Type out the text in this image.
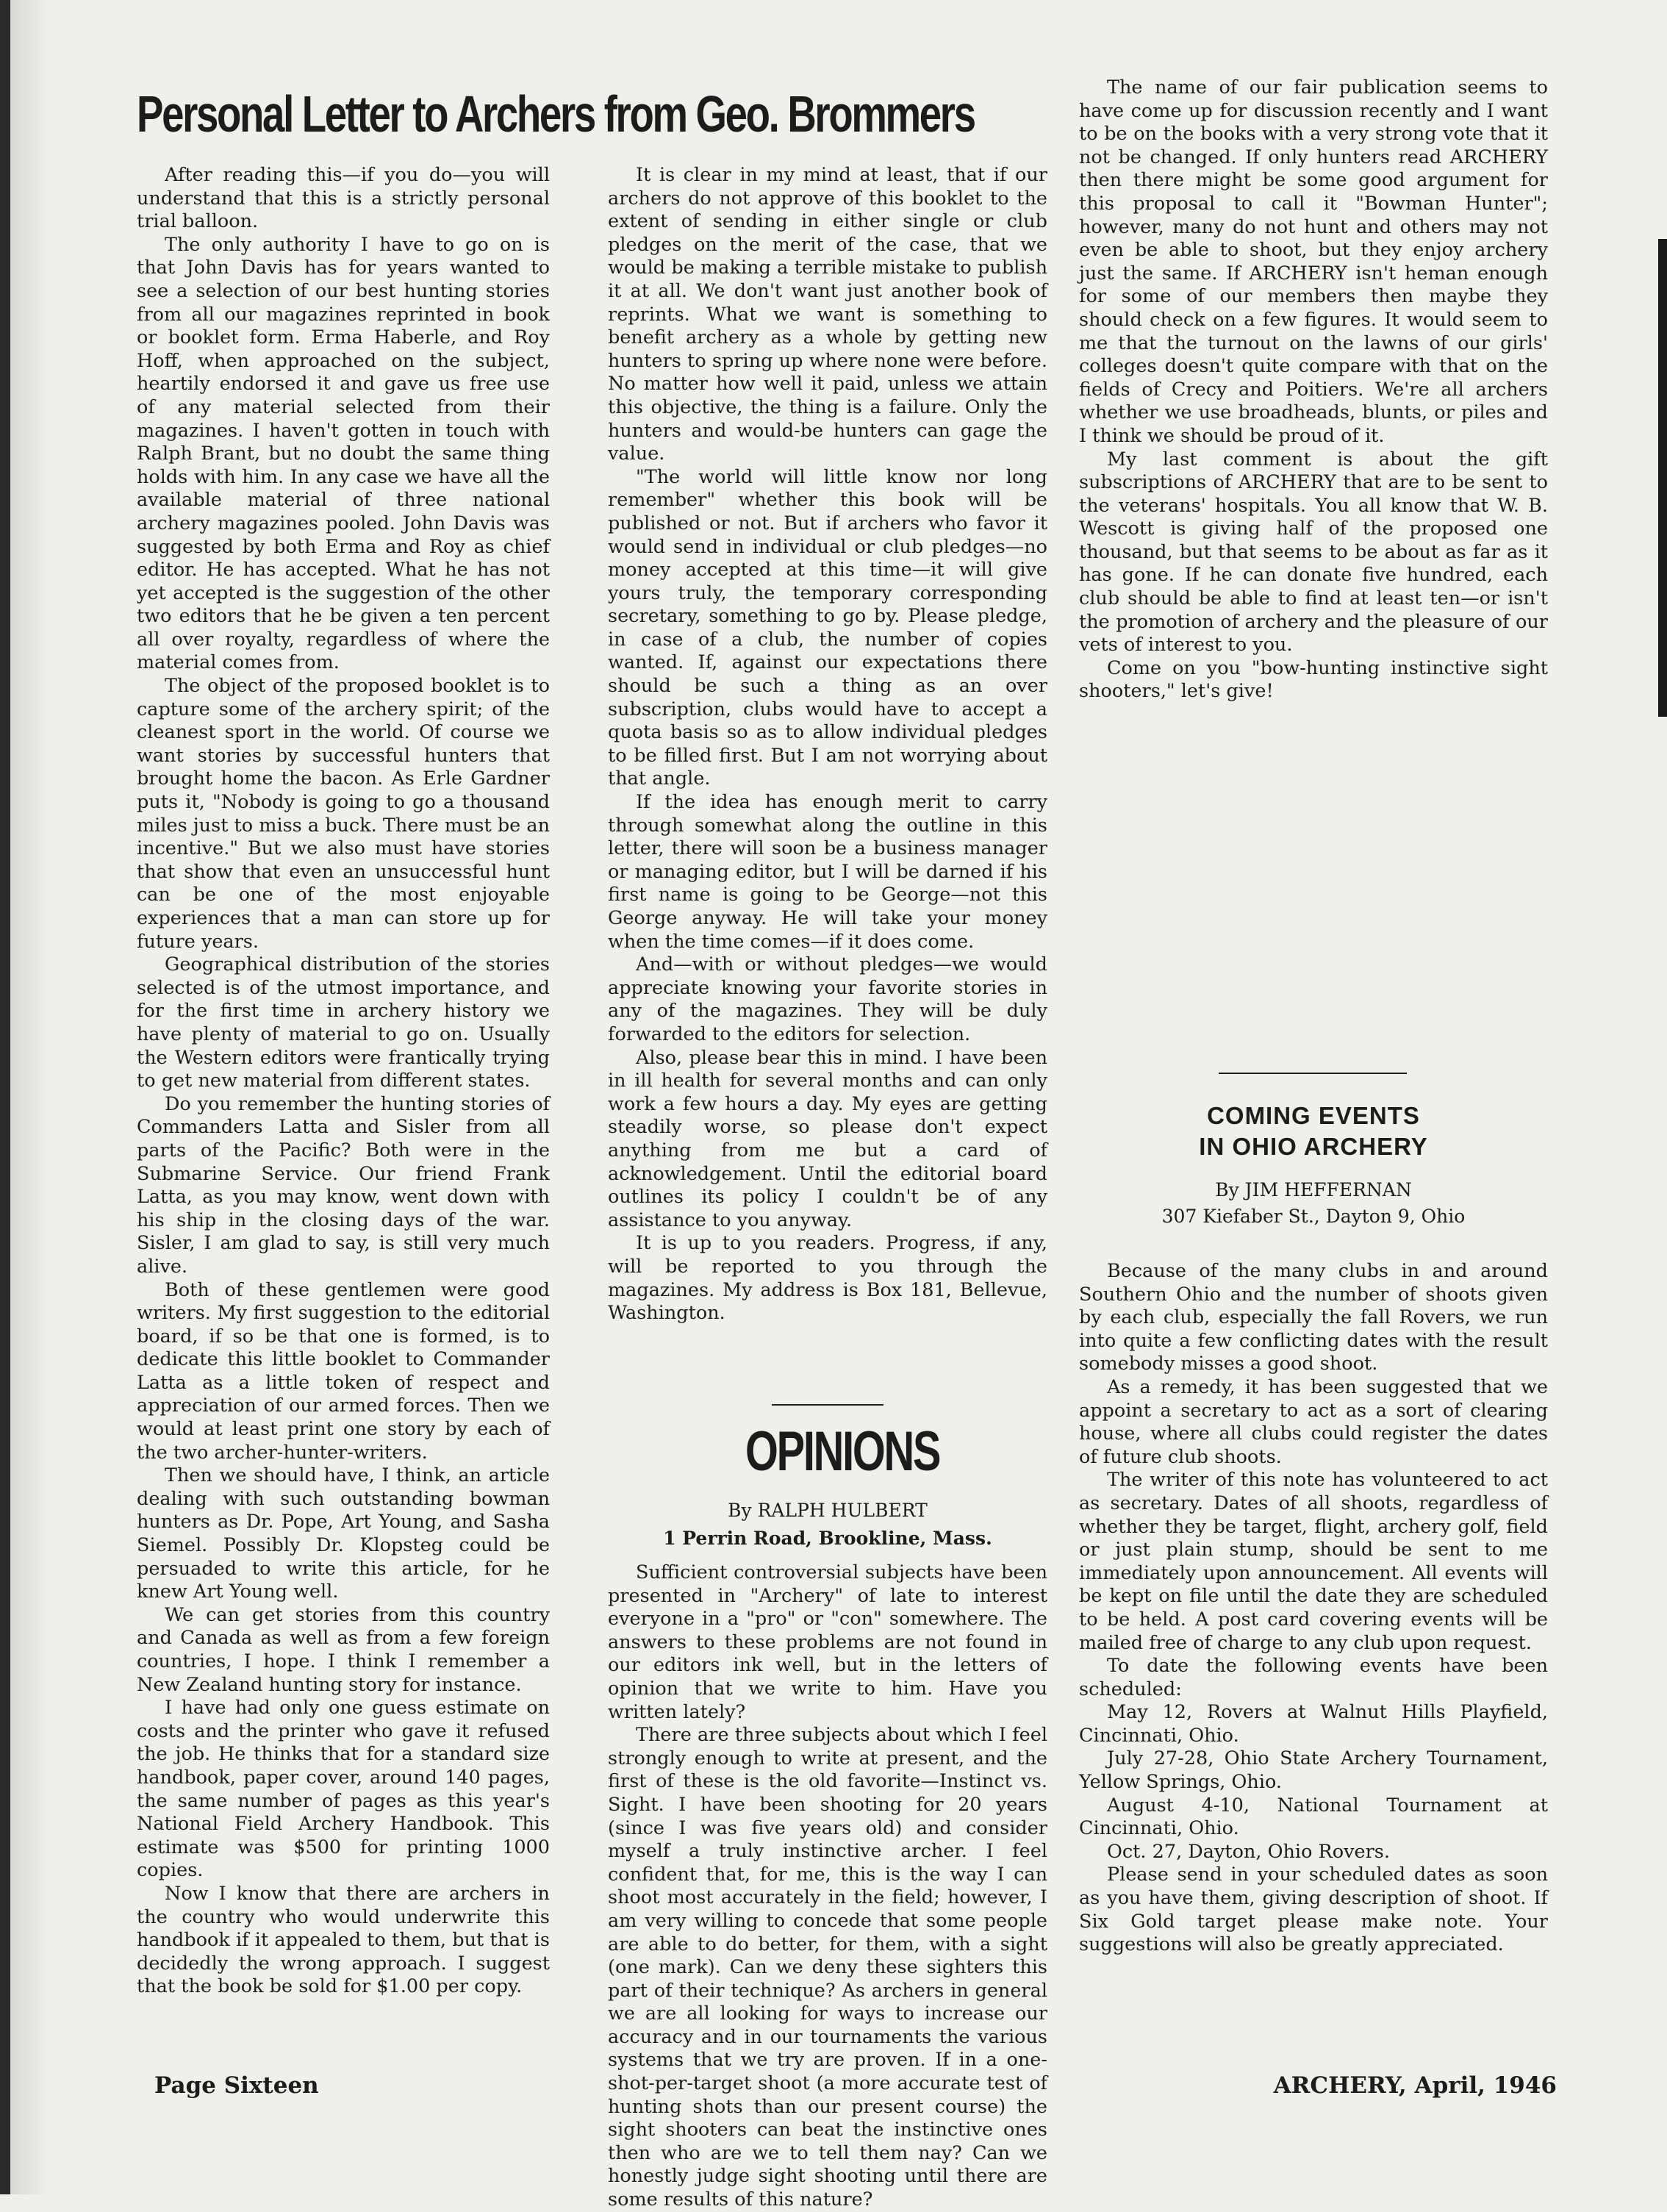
Personal Letter to Archers from Geo. Brommers

After reading this—if you do—you will understand that this is a strictly personal trial balloon.

The only authority I have to go on is that John Davis has for years wanted to see a selection of our best hunting stories from all our magazines reprinted in book or booklet form. Erma Haberle, and Roy Hoff, when approached on the subject, heartily endorsed it and gave us free use of any material selected from their magazines. I haven't gotten in touch with Ralph Brant, but no doubt the same thing holds with him. In any case we have all the available material of three national archery magazines pooled. John Davis was suggested by both Erma and Roy as chief editor. He has accepted. What he has not yet accepted is the suggestion of the other two editors that he be given a ten percent all over royalty, regardless of where the material comes from.

The object of the proposed booklet is to capture some of the archery spirit; of the cleanest sport in the world. Of course we want stories by successful hunters that brought home the bacon. As Erle Gardner puts it, "Nobody is going to go a thousand miles just to miss a buck. There must be an incentive." But we also must have stories that show that even an unsuccessful hunt can be one of the most enjoyable experiences that a man can store up for future years.

Geographical distribution of the stories selected is of the utmost importance, and for the first time in archery history we have plenty of material to go on. Usually the Western editors were frantically trying to get new material from different states.

Do you remember the hunting stories of Commanders Latta and Sisler from all parts of the Pacific? Both were in the Submarine Service. Our friend Frank Latta, as you may know, went down with his ship in the closing days of the war. Sisler, I am glad to say, is still very much alive.

Both of these gentlemen were good writers. My first suggestion to the editorial board, if so be that one is formed, is to dedicate this little booklet to Commander Latta as a little token of respect and appreciation of our armed forces. Then we would at least print one story by each of the two archer-hunter-writers.

Then we should have, I think, an article dealing with such outstanding bowman hunters as Dr. Pope, Art Young, and Sasha Siemel. Possibly Dr. Klopsteg could be persuaded to write this article, for he knew Art Young well.

We can get stories from this country and Canada as well as from a few foreign countries, I hope. I think I remember a New Zealand hunting story for instance.

I have had only one guess estimate on costs and the printer who gave it refused the job. He thinks that for a standard size handbook, paper cover, around 140 pages, the same number of pages as this year's National Field Archery Handbook. This estimate was $500 for printing 1000 copies.

Now I know that there are archers in the country who would underwrite this handbook if it appealed to them, but that is decidedly the wrong approach. I suggest that the book be sold for $1.00 per copy.

It is clear in my mind at least, that if our archers do not approve of this booklet to the extent of sending in either single or club pledges on the merit of the case, that we would be making a terrible mistake to publish it at all. We don't want just another book of reprints. What we want is something to benefit archery as a whole by getting new hunters to spring up where none were before. No matter how well it paid, unless we attain this objective, the thing is a failure. Only the hunters and would-be hunters can gage the value.

"The world will little know nor long remember" whether this book will be published or not. But if archers who favor it would send in individual or club pledges—no money accepted at this time—it will give yours truly, the temporary corresponding secretary, something to go by. Please pledge, in case of a club, the number of copies wanted. If, against our expectations there should be such a thing as an over subscription, clubs would have to accept a quota basis so as to allow individual pledges to be filled first. But I am not worrying about that angle.

If the idea has enough merit to carry through somewhat along the outline in this letter, there will soon be a business manager or managing editor, but I will be darned if his first name is going to be George—not this George anyway. He will take your money when the time comes—if it does come.

And—with or without pledges—we would appreciate knowing your favorite stories in any of the magazines. They will be duly forwarded to the editors for selection.

Also, please bear this in mind. I have been in ill health for several months and can only work a few hours a day. My eyes are getting steadily worse, so please don't expect anything from me but a card of acknowledgement. Until the editorial board outlines its policy I couldn't be of any assistance to you anyway.

It is up to you readers. Progress, if any, will be reported to you through the magazines. My address is Box 181, Bellevue, Washington.

OPINIONS
By RALPH HULBERT
1 Perrin Road, Brookline, Mass.

Sufficient controversial subjects have been presented in "Archery" of late to interest everyone in a "pro" or "con" somewhere. The answers to these problems are not found in our editors ink well, but in the letters of opinion that we write to him. Have you written lately?

There are three subjects about which I feel strongly enough to write at present, and the first of these is the old favorite—Instinct vs. Sight. I have been shooting for 20 years (since I was five years old) and consider myself a truly instinctive archer. I feel confident that, for me, this is the way I can shoot most accurately in the field; however, I am very willing to concede that some people are able to do better, for them, with a sight (one mark). Can we deny these sighters this part of their technique? As archers in general we are all looking for ways to increase our accuracy and in our tournaments the various systems that we try are proven. If in a one-shot-per-target shoot (a more accurate test of hunting shots than our present course) the sight shooters can beat the instinctive ones then who are we to tell them nay? Can we honestly judge sight shooting until there are some results of this nature?

The name of our fair publication seems to have come up for discussion recently and I want to be on the books with a very strong vote that it not be changed. If only hunters read ARCHERY then there might be some good argument for this proposal to call it "Bowman Hunter"; however, many do not hunt and others may not even be able to shoot, but they enjoy archery just the same. If ARCHERY isn't heman enough for some of our members then maybe they should check on a few figures. It would seem to me that the turnout on the lawns of our girls' colleges doesn't quite compare with that on the fields of Crecy and Poitiers. We're all archers whether we use broadheads, blunts, or piles and I think we should be proud of it.

My last comment is about the gift subscriptions of ARCHERY that are to be sent to the veterans' hospitals. You all know that W. B. Wescott is giving half of the proposed one thousand, but that seems to be about as far as it has gone. If he can donate five hundred, each club should be able to find at least ten—or isn't the promotion of archery and the pleasure of our vets of interest to you.

Come on you "bow-hunting instinctive sight shooters," let's give!

COMING EVENTS
IN OHIO ARCHERY
By JIM HEFFERNAN
307 Kiefaber St., Dayton 9, Ohio

Because of the many clubs in and around Southern Ohio and the number of shoots given by each club, especially the fall Rovers, we run into quite a few conflicting dates with the result somebody misses a good shoot.

As a remedy, it has been suggested that we appoint a secretary to act as a sort of clearing house, where all clubs could register the dates of future club shoots.

The writer of this note has volunteered to act as secretary. Dates of all shoots, regardless of whether they be target, flight, archery golf, field or just plain stump, should be sent to me immediately upon announcement. All events will be kept on file until the date they are scheduled to be held. A post card covering events will be mailed free of charge to any club upon request.

To date the following events have been scheduled:

May 12, Rovers at Walnut Hills Playfield, Cincinnati, Ohio.

July 27-28, Ohio State Archery Tournament, Yellow Springs, Ohio.

August 4-10, National Tournament at Cincinnati, Ohio.

Oct. 27, Dayton, Ohio Rovers.

Please send in your scheduled dates as soon as you have them, giving description of shoot. If Six Gold target please make note. Your suggestions will also be greatly appreciated.

Page Sixteen	ARCHERY, April, 1946
